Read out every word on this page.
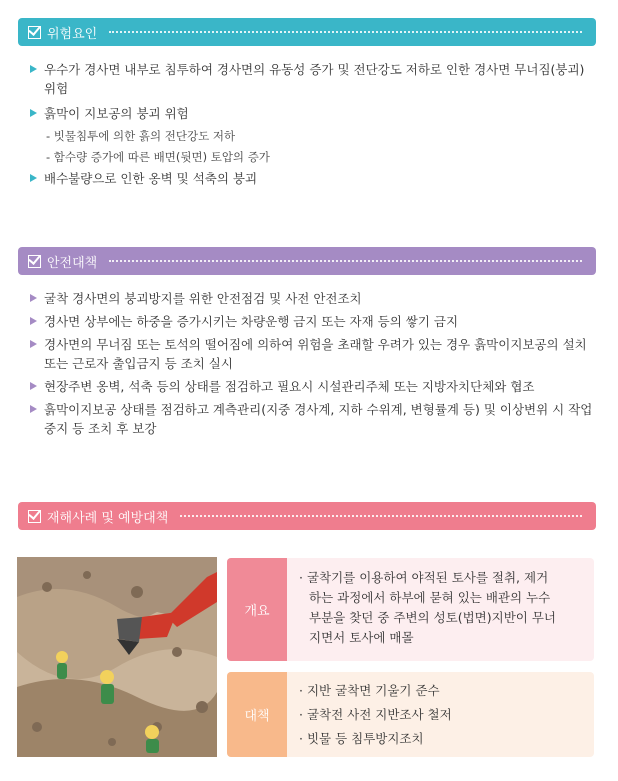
위험요인
우수가 경사면 내부로 침투하여 경사면의 유동성 증가 및 전단강도 저하로 인한 경사면 무너짐(붕괴) 위험
흙막이 지보공의 붕괴 위험
- 빗물침투에 의한 흙의 전단강도 저하
- 함수량 증가에 따른 배면(뒷면) 토압의 증가
배수불량으로 인한 옹벽 및 석축의 붕괴
안전대책
굴착 경사면의 붕괴방지를 위한 안전점검 및 사전 안전조치
경사면 상부에는 하중을 증가시키는 차량운행 금지 또는 자재 등의 쌓기 금지
경사면의 무너짐 또는 토석의 떨어짐에 의하여 위험을 초래할 우려가 있는 경우 흙막이지보공의 설치 또는 근로자 출입금지 등 조치 실시
현장주변 옹벽, 석축 등의 상태를 점검하고 필요시 시설관리주체 또는 지방자치단체와 협조
흙막이지보공 상태를 점검하고 계측관리(지중 경사계, 지하 수위계, 변형률계 등) 및 이상변위 시 작업중지 등 조치 후 보강
재해사례 및 예방대책
개요
· 굴착기를 이용하여 야적된 토사를 절취, 제거
하는 과정에서 하부에 묻혀 있는 배관의 누수
부분을 찾던 중 주변의 성토(법면)지반이 무너
지면서 토사에 매몰
대책
· 지반 굴착면 기울기 준수
· 굴착전 사전 지반조사 철저
· 빗물 등 침투방지조치
